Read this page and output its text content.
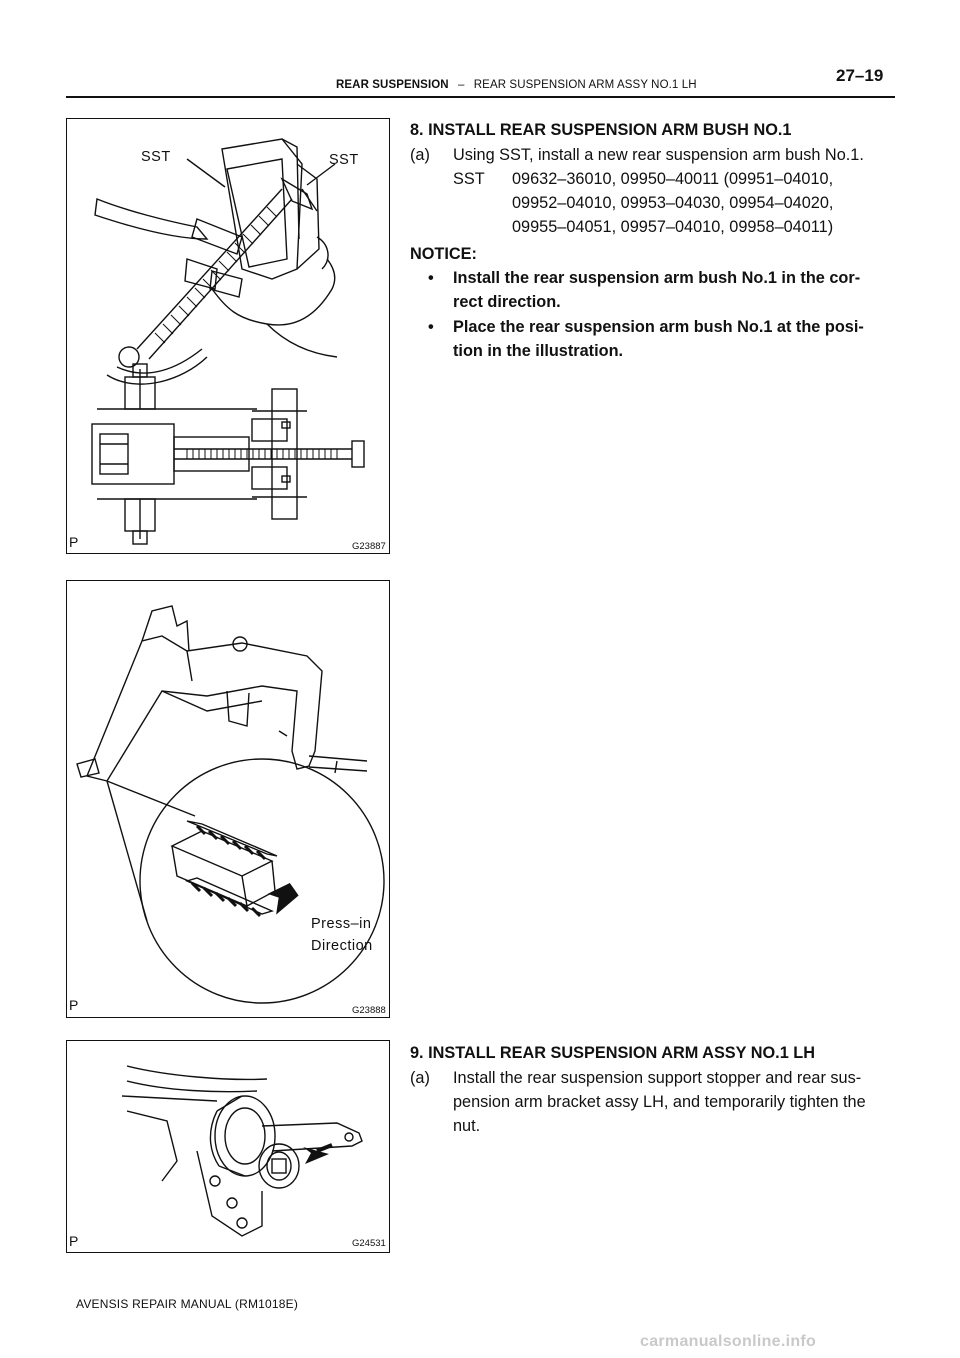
REAR SUSPENSION – REAR SUSPENSION ARM ASSY NO.1 LH	27–19
SST	SST
P	G23887
Press–in
Direction
P	G23888
P	G24531
8. INSTALL REAR SUSPENSION ARM BUSH NO.1
(a) Using SST, install a new rear suspension arm bush No.1.
SST 09632–36010, 09950–40011 (09951–04010,
09952–04010, 09953–04030, 09954–04020,
09955–04051, 09957–04010, 09958–04011)
NOTICE:
• Install the rear suspension arm bush No.1 in the cor-
rect direction.
• Place the rear suspension arm bush No.1 at the posi-
tion in the illustration.
9. INSTALL REAR SUSPENSION ARM ASSY NO.1 LH
(a) Install the rear suspension support stopper and rear sus-
pension arm bracket assy LH, and temporarily tighten the
nut.
AVENSIS REPAIR MANUAL (RM1018E)
carmanualsonline.info
